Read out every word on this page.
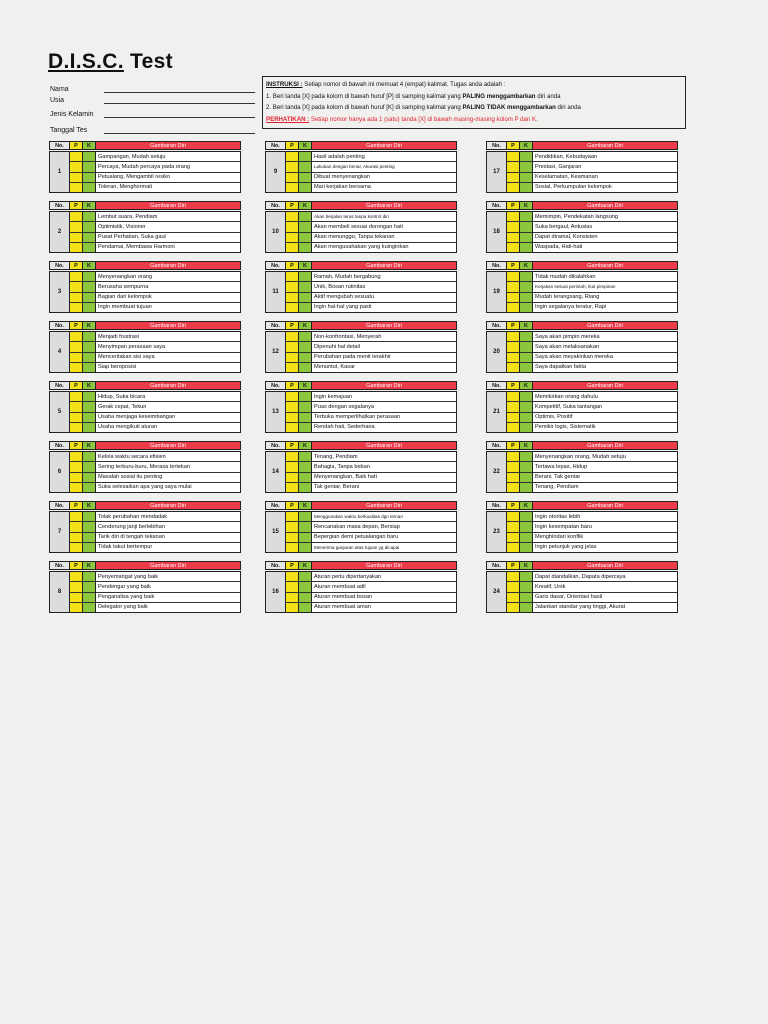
D.I.S.C. Test
Nama
Usia
Jenis Kelamin
Tanggal Tes
INSTRUKSI : Setiap nomor di bawah ini memuat 4 (empat) kalimat. Tugas anda adalah :
1. Beri tanda [X] pada kolom di bawah huruf [P] di samping kalimat yang PALING menggambarkan diri anda
2. Beri tanda [X] pada kolom di bawah huruf [K] di samping kalimat yang PALING TIDAK menggambarkan diri anda
PERHATIKAN : Setiap nomor hanya ada 1 (satu) tanda [X] di bawah masing-masing kolom P dan K.
No.	P	K	Gambaran Diri
1
Gampangan, Mudah setuju
Percaya, Mudah percaya pada orang
Petualang, Mengambil resiko
Toleran, Menghormati
No.	P	K	Gambaran Diri
2
Lembut suara, Pendiam
Optimistik, Visioner
Pusat Perhatian, Suka gaul
Pendamai, Membawa Harmoni
No.	P	K	Gambaran Diri
3
Menyenangkan orang
Berusaha sempurna
Bagian dari kelompok
Ingin membuat tujuan
No.	P	K	Gambaran Diri
4
Menjadi frustrasi
Menyimpan perasaan saya
Menceritakan sisi saya
Siap beroposisi
No.	P	K	Gambaran Diri
5
Hidup, Suka bicara
Gerak cepat, Tekun
Usaha menjaga keseimbangan
Usaha mengikuti aturan
No.	P	K	Gambaran Diri
6
Kelola waktu secara efisien
Sering terburu-buru, Merasa tertekan
Masalah sosial itu penting
Suka selesaikan apa yang saya mulai
No.	P	K	Gambaran Diri
7
Tolak perubahan mendadak
Cenderung janji berlebihan
Tarik diri di tengah tekanan
Tidak takut bertempur
No.	P	K	Gambaran Diri
8
Penyemangat yang baik
Pendengar yang baik
Penganalisa yang baik
Delegator yang baik
No.	P	K	Gambaran Diri
9
Hasil adalah penting
Lakukan dengan benar, Akurasi penting
Dibuat menyenangkan
Mari kerjakan bersama
No.	P	K	Gambaran Diri
10
Akan berjalan terus tanpa kontrol diri
Akan membeli sesuai dorongan hati
Akan menunggu, Tanpa tekanan
Akan mengusahakan yang kuinginkan
No.	P	K	Gambaran Diri
11
Ramah, Mudah bergabung
Unik, Bosan rutinitas
Aktif mengubah sesuatu
Ingin hal-hal yang pasti
No.	P	K	Gambaran Diri
12
Non-konfrontasi, Menyerah
Dipenuhi hal detail
Perubahan pada menit terakhir
Menuntut, Kasar
No.	P	K	Gambaran Diri
13
Ingin kemajuan
Puas dengan segalanya
Terbuka memperlihatkan perasaan
Rendah hati, Sederhana
No.	P	K	Gambaran Diri
14
Tenang, Pendiam
Bahagia, Tanpa beban
Menyenangkan, Baik hati
Tak gentar, Berani
No.	P	K	Gambaran Diri
15
Menggunakan waktu berkualitas dgn teman
Rencanakan masa depan, Bersiap
Bepergian demi petualangan baru
Menerima ganjaran atas tujuan yg dicapai
No.	P	K	Gambaran Diri
16
Aturan perlu dipertanyakan
Aturan membuat adil
Aturan membuat bosan
Aturan membuat aman
No.	P	K	Gambaran Diri
17
Pendidikan, Kebudayaan
Prestasi, Ganjaran
Keselamatan, Keamanan
Sosial, Perkumpulan kelompok
No.	P	K	Gambaran Diri
18
Memimpin, Pendekatan langsung
Suka bergaul, Antusias
Dapat diramal, Konsisten
Waspada, Hati-hati
No.	P	K	Gambaran Diri
19
Tidak mudah dikalahkan
Kerjakan sesuai perintah, Ikut pimpinan
Mudah terangsang, Riang
Ingin segalanya teratur, Rapi
No.	P	K	Gambaran Diri
20
Saya akan pimpin mereka
Saya akan melaksanakan
Saya akan meyakinkan mereka
Saya dapatkan fakta
No.	P	K	Gambaran Diri
21
Memikirkan orang dahulu
Kompetitif, Suka tantangan
Optimis, Positif
Pemikir logis, Sistematik
No.	P	K	Gambaran Diri
22
Menyenangkan orang, Mudah setuju
Tertawa lepas, Hidup
Berani, Tak gentar
Tenang, Pendiam
No.	P	K	Gambaran Diri
23
Ingin otoritas lebih
Ingin kesempatan baru
Menghindari konflik
Ingin petunjuk yang jelas
No.	P	K	Gambaran Diri
24
Dapat diandalkan, Dapata dipercaya
Kreatif, Unik
Garis dasar, Orientasi hasil
Jalankan standar yang tinggi, Akurat
